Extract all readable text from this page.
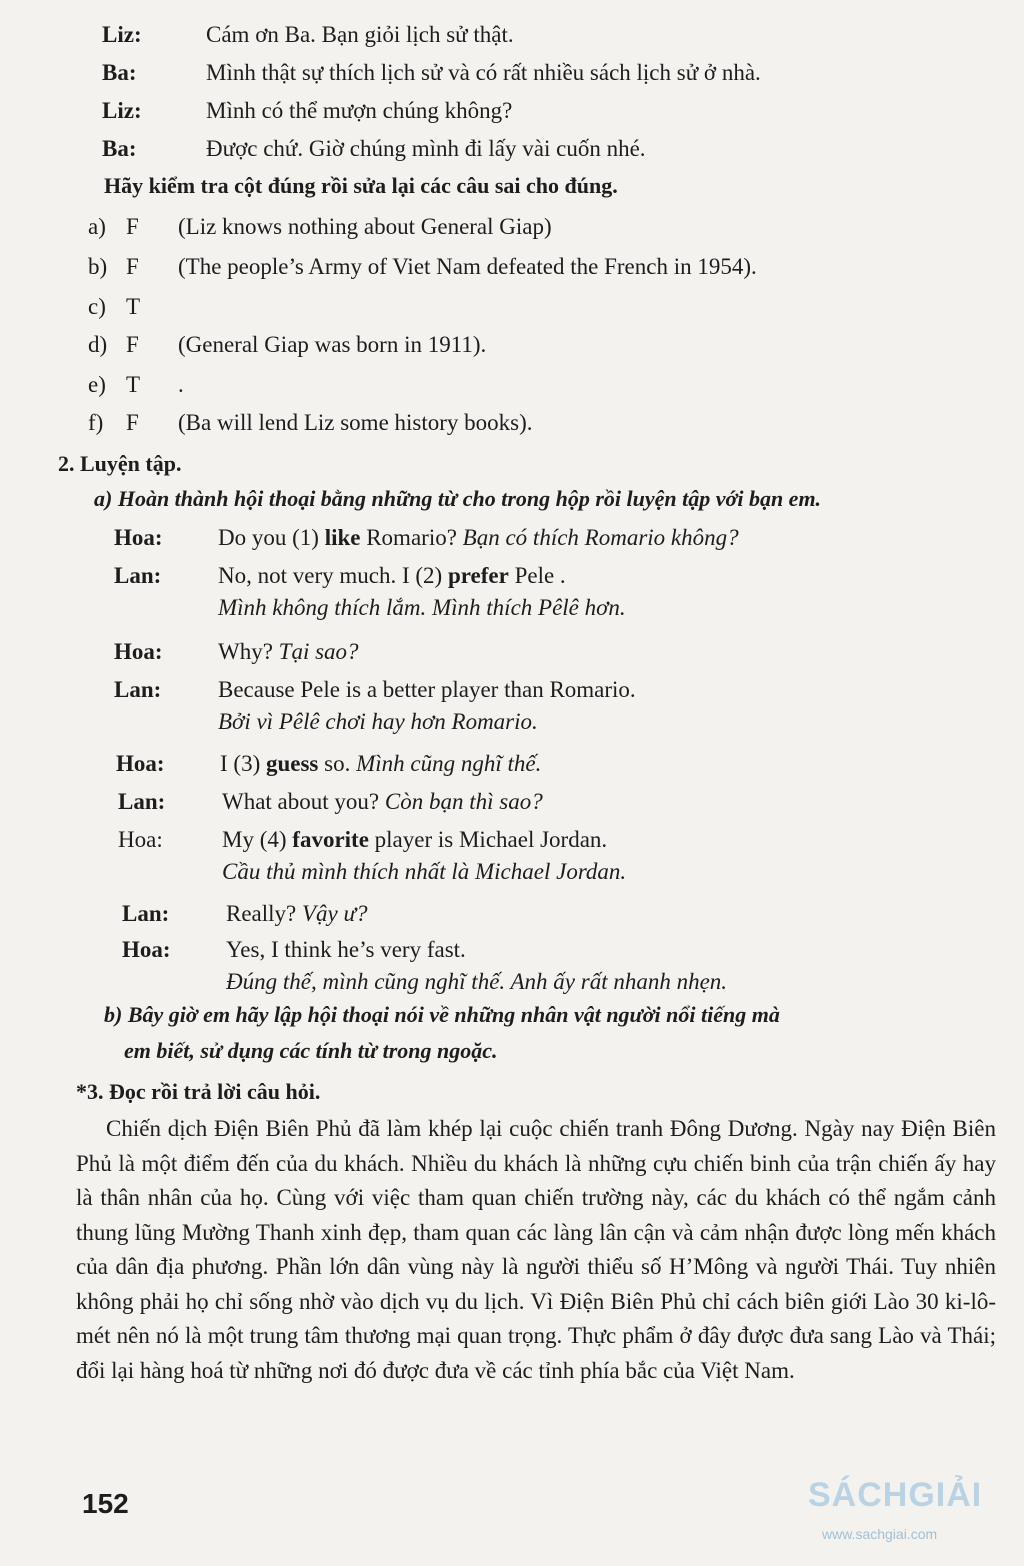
Liz:	Cám ơn Ba. Bạn giỏi lịch sử thật.
Ba:	Mình thật sự thích lịch sử và có rất nhiều sách lịch sử ở nhà.
Liz:	Mình có thể mượn chúng không?
Ba:	Được chứ. Giờ chúng mình đi lấy vài cuốn nhé.
Hãy kiểm tra cột đúng rồi sửa lại các câu sai cho đúng.
a) F	(Liz knows nothing about General Giap)
b) F	(The people’s Army of Viet Nam defeated the French in 1954).
c) T
d) F	(General Giap was born in 1911).
e) T	.
f) F	(Ba will lend Liz some history books).
2. Luyện tập.
a) Hoàn thành hội thoại bằng những từ cho trong hộp rồi luyện tập với bạn em.
Hoa: Do you (1) like Romario? Bạn có thích Romario không?
Lan: No, not very much. I (2) prefer Pele .
Mình không thích lắm. Mình thích Pêlê hơn.
Hoa: Why? Tại sao?
Lan: Because Pele is a better player than Romario.
Bởi vì Pêlê chơi hay hơn Romario.
Hoa: I (3) guess so. Mình cũng nghĩ thế.
Lan: What about you? Còn bạn thì sao?
Hoa:	My (4) favorite player is Michael Jordan.
Cầu thủ mình thích nhất là Michael Jordan.
Lan: Really? Vậy ư?
Hoa: Yes, I think he’s very fast.
Đúng thế, mình cũng nghĩ thế. Anh ấy rất nhanh nhẹn.
b) Bây giờ em hãy lập hội thoại nói về những nhân vật người nổi tiếng mà
em biết, sử dụng các tính từ trong ngoặc.
*3. Đọc rồi trả lời câu hỏi.
Chiến dịch Điện Biên Phủ đã làm khép lại cuộc chiến tranh Đông Dương. Ngày nay Điện Biên Phủ là một điểm đến của du khách. Nhiều du khách là những cựu chiến binh của trận chiến ấy hay là thân nhân của họ. Cùng với việc tham quan chiến trường này, các du khách có thể ngắm cảnh thung lũng Mường Thanh xinh đẹp, tham quan các làng lân cận và cảm nhận được lòng mến khách của dân địa phương. Phần lớn dân vùng này là người thiểu số H’Mông và người Thái. Tuy nhiên không phải họ chỉ sống nhờ vào dịch vụ du lịch. Vì Điện Biên Phủ chỉ cách biên giới Lào 30 ki-lô-mét nên nó là một trung tâm thương mại quan trọng. Thực phẩm ở đây được đưa sang Lào và Thái; đổi lại hàng hoá từ những nơi đó được đưa về các tỉnh phía bắc của Việt Nam.
152	SÁCHGIẢI
www.sachgiai.com
